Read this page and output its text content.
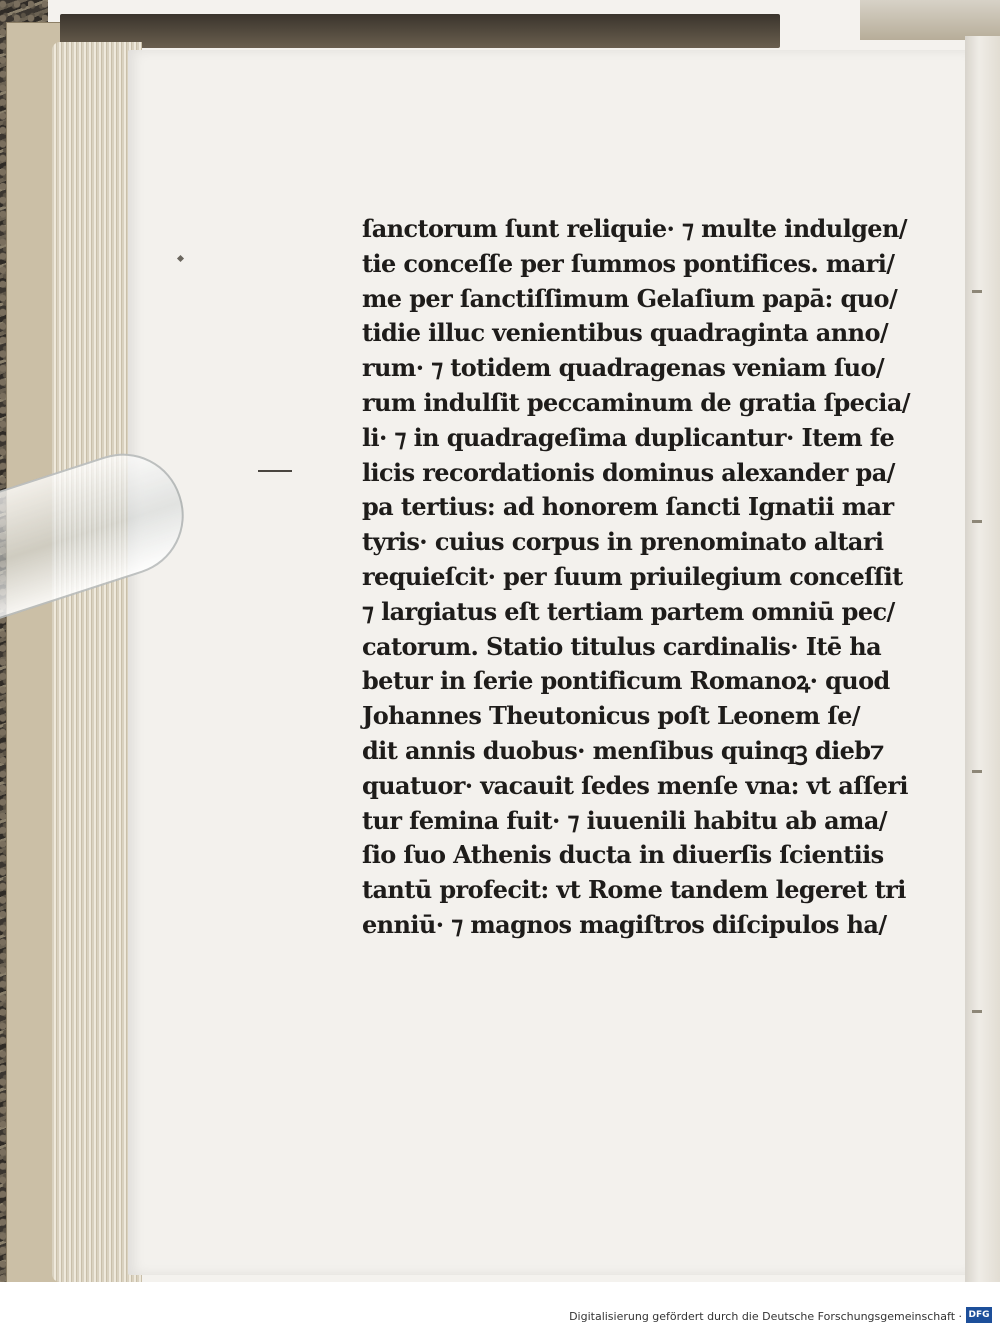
ſanctorum ſunt reliquie· ⁊ multe indulgen/
tie conceſſe per ſummos pontifices. mari/
me per ſanctiſſimum Gelaſium papā: quo/
tidie illuc venientibus quadraginta anno/
rum· ⁊ totidem quadragenas veniam ſuo/
rum indulſit peccaminum de gratia ſpecia/
li· ⁊ in quadrageſima duplicantur· Item fe
licis recordationis dominus alexander pa/
pa tertius: ad honorem ſancti Ignatii mar
tyris· cuius corpus in prenominato altari
requieſcit· per ſuum priuilegium conceſſit
⁊ largiatus eſt tertiam partem omniū pec/
catorum. Statio titulus cardinalis· Itē ha
betur in ſerie pontificum Romanoꝝ· quod
Johannes Theutonicus poſt Leonem ſe/
dit annis duobus· menſibus quinqꝫ dieb⁊
quatuor· vacauit ſedes menſe vna: vt aſſeri
tur femina fuit· ⁊ iuuenili habitu ab ama/
ſio ſuo Athenis ducta in diuerſis ſcientiis
tantū profecit: vt Rome tandem legeret tri
enniū· ⁊ magnos magiſtros diſcipulos ha/
Digitalisierung gefördert durch die Deutsche Forschungsgemeinschaft · DFG
